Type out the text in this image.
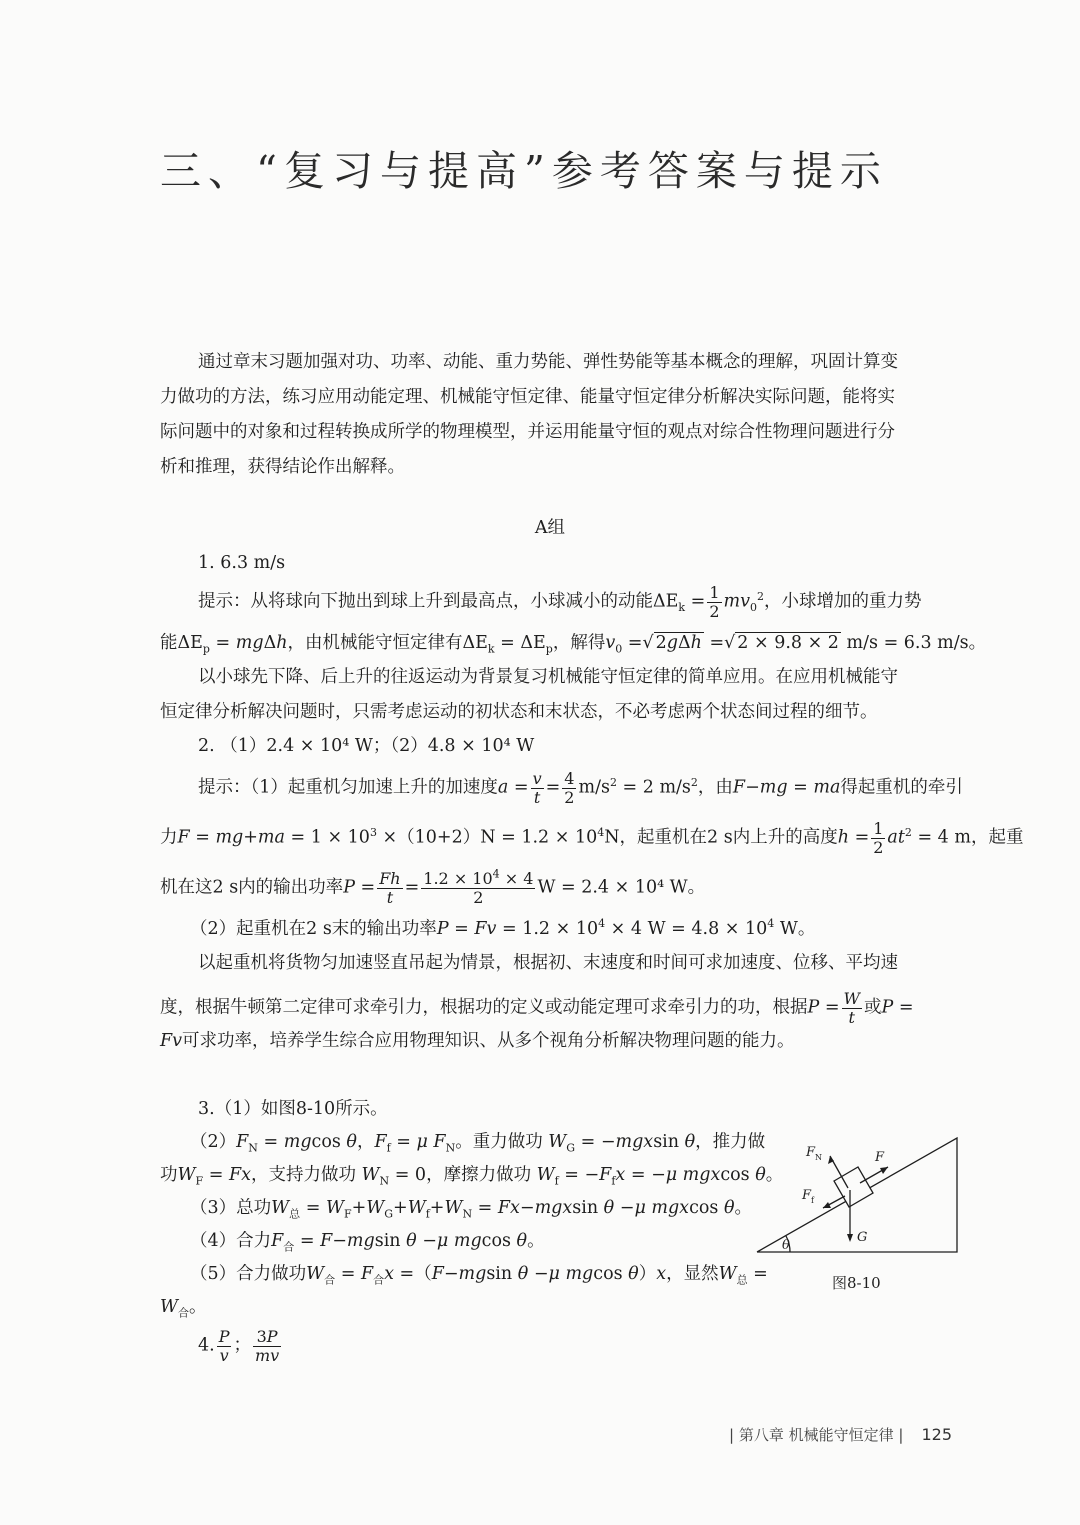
三、“复习与提高”参考答案与提示
通过章末习题加强对功、功率、动能、重力势能、弹性势能等基本概念的理解，巩固计算变
力做功的方法，练习应用动能定理、机械能守恒定律、能量守恒定律分析解决实际问题，能将实
际问题中的对象和过程转换成所学的物理模型，并运用能量守恒的观点对综合性物理问题进行分
析和推理，获得结论作出解释。
A组
1. 6.3 m/s
提示：从将球向下抛出到球上升到最高点，小球减小的动能$\Delta E_k = \frac{1}{2} mv_0^2$，小球增加的重力势
能$\Delta E_p = mg\Delta h$，由机械能守恒定律有$\Delta E_k = \Delta E_p$，解得$v_0$ =√ 2gΔh =√ 2 × 9.8 × 2 m/s = 6.3 m/s。
以小球先下降、后上升的往返运动为背景复习机械能守恒定律的简单应用。在应用机械能守
恒定律分析解决问题时，只需考虑运动的初状态和末状态，不必考虑两个状态间过程的细节。
2. （1）2.4 × 10⁴ W；（2）4.8 × 10⁴ W
提示：（1）起重机匀加速上升的加速度$a = \frac{v}{t} = \frac{4}{2} m/s^2 = 2$ $m/s^2$，由F−mg = ma得起重机的牵引
力$F = mg+ma = 1 \times 10^3 \times(10+2)N = 1.2 \times 10^4N$，起重机在2 s内上升的高度$h = \frac{1}{2} at^2 = 4$ m，起重
机在这2 s内的输出功率$P = \frac{Fh}{t} = \frac{1.2 \times 10^4 \times 4}{2}$ W = 2.4 × 10⁴ W。
（2）起重机在2 s末的输出功率$P = Fv = 1.2 \times 10^4 \times 4$ $W = 4.8 \times 10^4$ W。
以起重机将货物匀加速竖直吊起为情景，根据初、末速度和时间可求加速度、位移、平均速
度，根据牛顿第二定律可求牵引力，根据功的定义或动能定理可求牵引力的功，根据$P = \frac{W}{t}$ 或P =
Fv可求功率，培养学生综合应用物理知识、从多个视角分析解决物理问题的能力。
3.（1）如图8-10所示。
$(2)F_N = mgcos$ θ，$F_f = \mu$ $F_N$。重力做功 $W_G = -mgxsin$ θ，推力做
功$W_F = Fx$，支持力做功 $W_N = 0$，摩擦力做功 $W_f = -F_fx = -\mu$ mgxcos θ。
（3）总功$W_总 = W_F+W_G+W_f+W_N = Fx-mgxsin$ θ −μ mgxcos θ。
（4）合力$F_合 = F-mgsin$ θ −μ mgcos θ。
（5）合力做功$W_合 = F_合x =(F-mgsin$ θ −μ mgcos θ）x，显然$W_总$ =
$W_合$。
4. $\frac{P}{v}$ ； $\frac{3P}{mv}$
$F_N$	F
$F_f$
G
θ
图8-10
| 第八章 机械能守恒定律 | 125
